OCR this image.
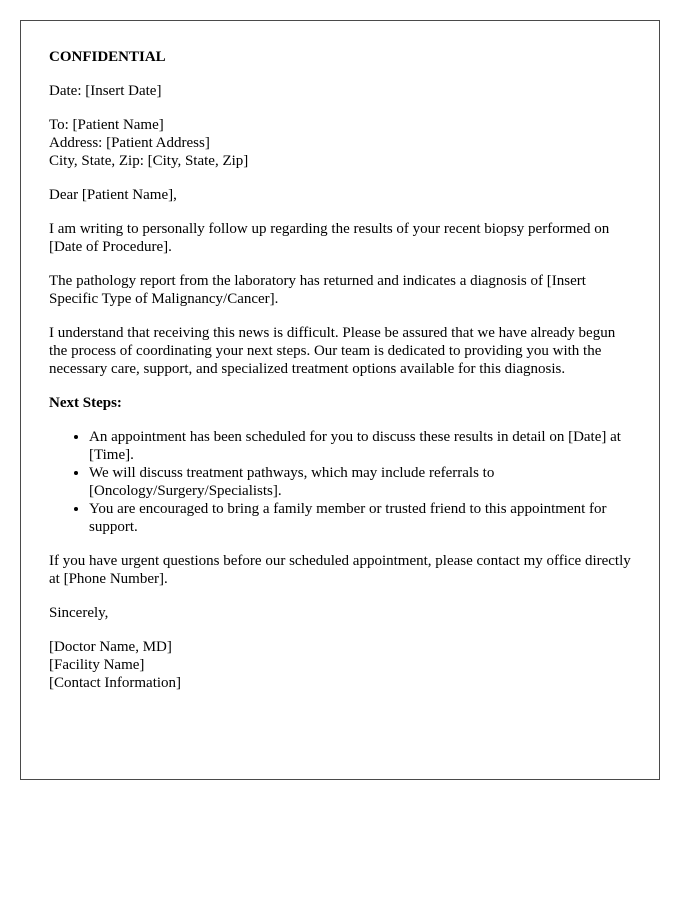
CONFIDENTIAL

Date: [Insert Date]

To: [Patient Name]
Address: [Patient Address]
City, State, Zip: [City, State, Zip]

Dear [Patient Name],

I am writing to personally follow up regarding the results of your recent biopsy performed on [Date of Procedure].

The pathology report from the laboratory has returned and indicates a diagnosis of [Insert Specific Type of Malignancy/Cancer].

I understand that receiving this news is difficult. Please be assured that we have already begun the process of coordinating your next steps. Our team is dedicated to providing you with the necessary care, support, and specialized treatment options available for this diagnosis.

Next Steps:
• An appointment has been scheduled for you to discuss these results in detail on [Date] at [Time].
• We will discuss treatment pathways, which may include referrals to [Oncology/Surgery/Specialists].
• You are encouraged to bring a family member or trusted friend to this appointment for support.

If you have urgent questions before our scheduled appointment, please contact my office directly at [Phone Number].

Sincerely,

[Doctor Name, MD]
[Facility Name]
[Contact Information]
